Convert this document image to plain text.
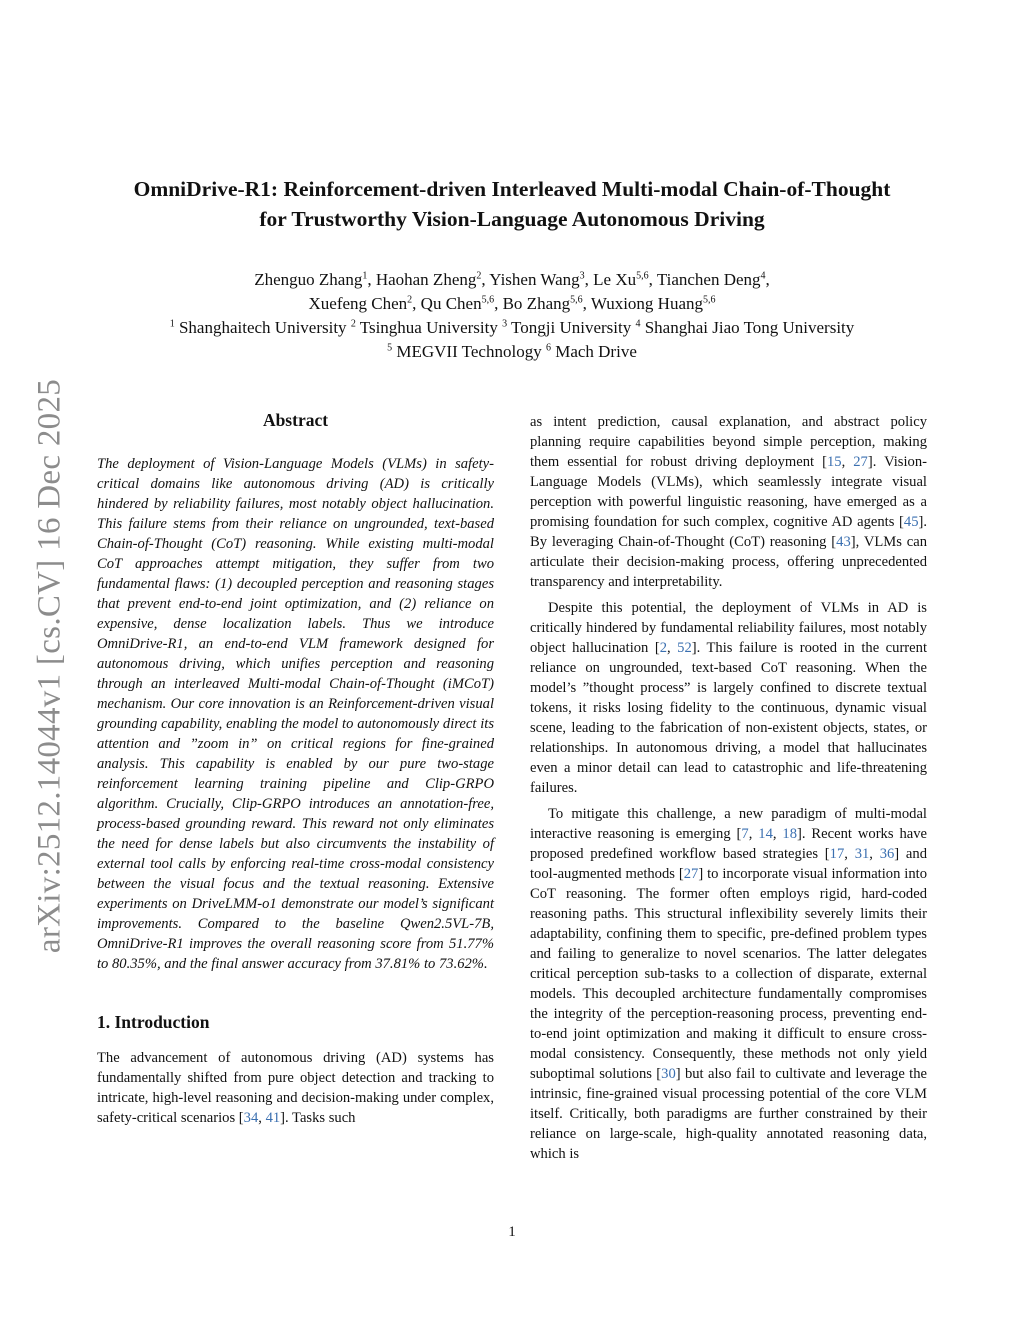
OmniDrive-R1: Reinforcement-driven Interleaved Multi-modal Chain-of-Thought
for Trustworthy Vision-Language Autonomous Driving
Zhenguo Zhang$^1$, Haohan Zheng$^2$, Yishen Wang$^3$, Le Xu$^{5,6}$, Tianchen Deng$^4$,
Xuefeng Chen$^2$, Qu Chen$^{5,6}$, Bo Zhang$^{5,6}$, Wuxiong Huang$^{5,6}$
$^1$ Shanghaitech University $^2$ Tsinghua University $^3$ Tongji University $^4$ Shanghai Jiao Tong University
$^5$ MEGVII Technology $^6$ Mach Drive
arXiv:2512.14044v1 [cs.CV] 16 Dec 2025	Abstract

The deployment of Vision-Language Models (VLMs) in safety-critical domains like autonomous driving (AD) is critically hindered by reliability failures, most notably object hallucination. This failure stems from their reliance on ungrounded, text-based Chain-of-Thought (CoT) reasoning. While existing multi-modal CoT approaches attempt mitigation, they suffer from two fundamental flaws: (1) decoupled perception and reasoning stages that prevent end-to-end joint optimization, and (2) reliance on expensive, dense localization labels. Thus we introduce OmniDrive-R1, an end-to-end VLM framework designed for autonomous driving, which unifies perception and reasoning through an interleaved Multi-modal Chain-of-Thought (iMCoT) mechanism. Our core innovation is an Reinforcement-driven visual grounding capability, enabling the model to autonomously direct its attention and ”zoom in” on critical regions for fine-grained analysis. This capability is enabled by our pure two-stage reinforcement learning training pipeline and Clip-GRPO algorithm. Crucially, Clip-GRPO introduces an annotation-free, process-based grounding reward. This reward not only eliminates the need for dense labels but also circumvents the instability of external tool calls by enforcing real-time cross-modal consistency between the visual focus and the textual reasoning. Extensive experiments on DriveLMM-o1 demonstrate our model’s significant improvements. Compared to the baseline Qwen2.5VL-7B, OmniDrive-R1 improves the overall reasoning score from 51.77% to 80.35%, and the final answer accuracy from 37.81% to 73.62%.

1. Introduction

The advancement of autonomous driving (AD) systems has fundamentally shifted from pure object detection and tracking to intricate, high-level reasoning and decision-making under complex, safety-critical scenarios [34, 41]. Tasks such

as intent prediction, causal explanation, and abstract policy planning require capabilities beyond simple perception, making them essential for robust driving deployment [15, 27]. Vision-Language Models (VLMs), which seamlessly integrate visual perception with powerful linguistic reasoning, have emerged as a promising foundation for such complex, cognitive AD agents [45]. By leveraging Chain-of-Thought (CoT) reasoning [43], VLMs can articulate their decision-making process, offering unprecedented transparency and interpretability.

Despite this potential, the deployment of VLMs in AD is critically hindered by fundamental reliability failures, most notably object hallucination [2, 52]. This failure is rooted in the current reliance on ungrounded, text-based CoT reasoning. When the model’s ”thought process” is largely confined to discrete textual tokens, it risks losing fidelity to the continuous, dynamic visual scene, leading to the fabrication of non-existent objects, states, or relationships. In autonomous driving, a model that hallucinates even a minor detail can lead to catastrophic and life-threatening failures.

To mitigate this challenge, a new paradigm of multi-modal interactive reasoning is emerging [7, 14, 18]. Recent works have proposed predefined workflow based strategies [17, 31, 36] and tool-augmented methods [27] to incorporate visual information into CoT reasoning. The former often employs rigid, hard-coded reasoning paths. This structural inflexibility severely limits their adaptability, confining them to specific, pre-defined problem types and failing to generalize to novel scenarios. The latter delegates critical perception sub-tasks to a collection of disparate, external models. This decoupled architecture fundamentally compromises the integrity of the perception-reasoning process, preventing end-to-end joint optimization and making it difficult to ensure cross-modal consistency. Consequently, these methods not only yield suboptimal solutions [30] but also fail to cultivate and leverage the intrinsic, fine-grained visual processing potential of the core VLM itself. Critically, both paradigms are further constrained by their reliance on large-scale, high-quality annotated reasoning data, which is

1
